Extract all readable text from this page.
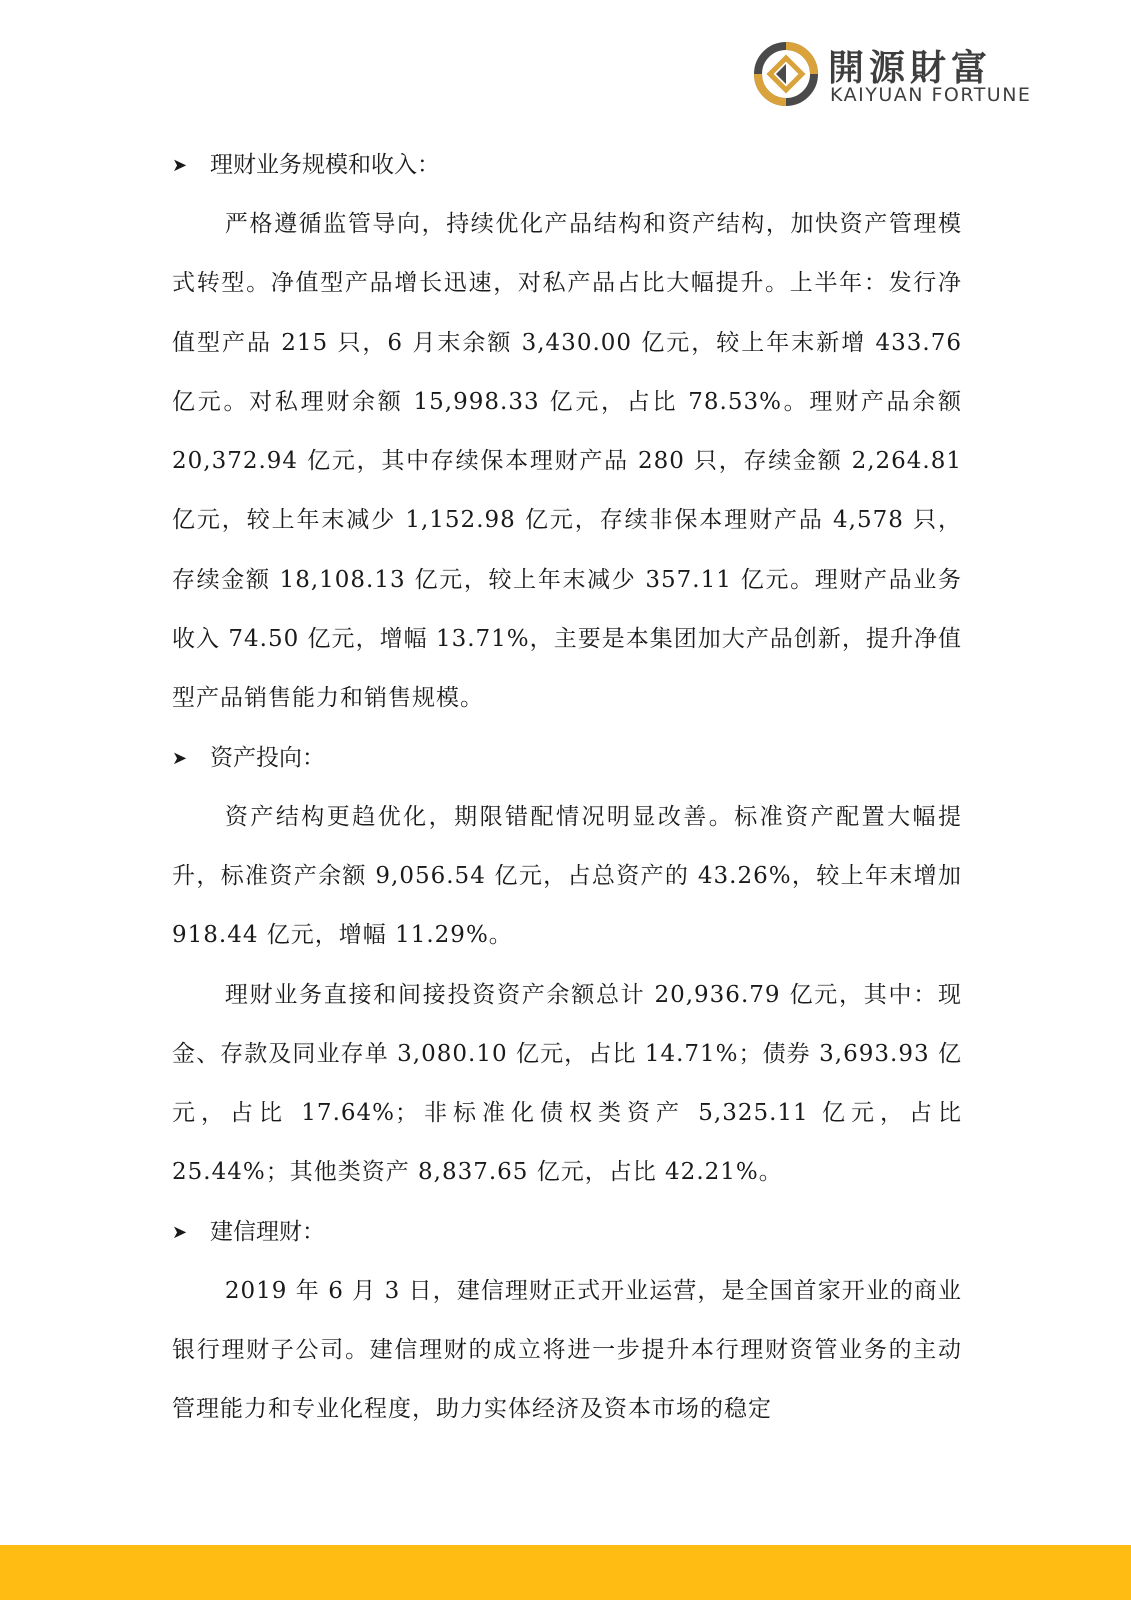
開源財富
KAIYUAN FORTUNE
➤ 理财业务规模和收入：
严格遵循监管导向，持续优化产品结构和资产结构，加快资产管理模式转型。净值型产品增长迅速，对私产品占比大幅提升。上半年：发行净值型产品 215 只，6 月末余额 3,430.00 亿元，较上年末新增 433.76 亿元。对私理财余额 15,998.33 亿元，占比 78.53%。理财产品余额 20,372.94 亿元，其中存续保本理财产品 280 只，存续金额 2,264.81 亿元，较上年末减少 1,152.98 亿元，存续非保本理财产品 4,578 只，存续金额 18,108.13 亿元，较上年末减少 357.11 亿元。理财产品业务收入 74.50 亿元，增幅 13.71%，主要是本集团加大产品创新，提升净值型产品销售能力和销售规模。
➤ 资产投向：
资产结构更趋优化，期限错配情况明显改善。标准资产配置大幅提升，标准资产余额 9,056.54 亿元，占总资产的 43.26%，较上年末增加 918.44 亿元，增幅 11.29%。
理财业务直接和间接投资资产余额总计 20,936.79 亿元，其中：现金、存款及同业存单 3,080.10 亿元，占比 14.71%；债券 3,693.93 亿元，占比 17.64%；非标准化债权类资产 5,325.11 亿元，占比 25.44%；其他类资产 8,837.65 亿元，占比 42.21%。
➤ 建信理财：
2019 年 6 月 3 日，建信理财正式开业运营，是全国首家开业的商业银行理财子公司。建信理财的成立将进一步提升本行理财资管业务的主动管理能力和专业化程度，助力实体经济及资本市场的稳定
